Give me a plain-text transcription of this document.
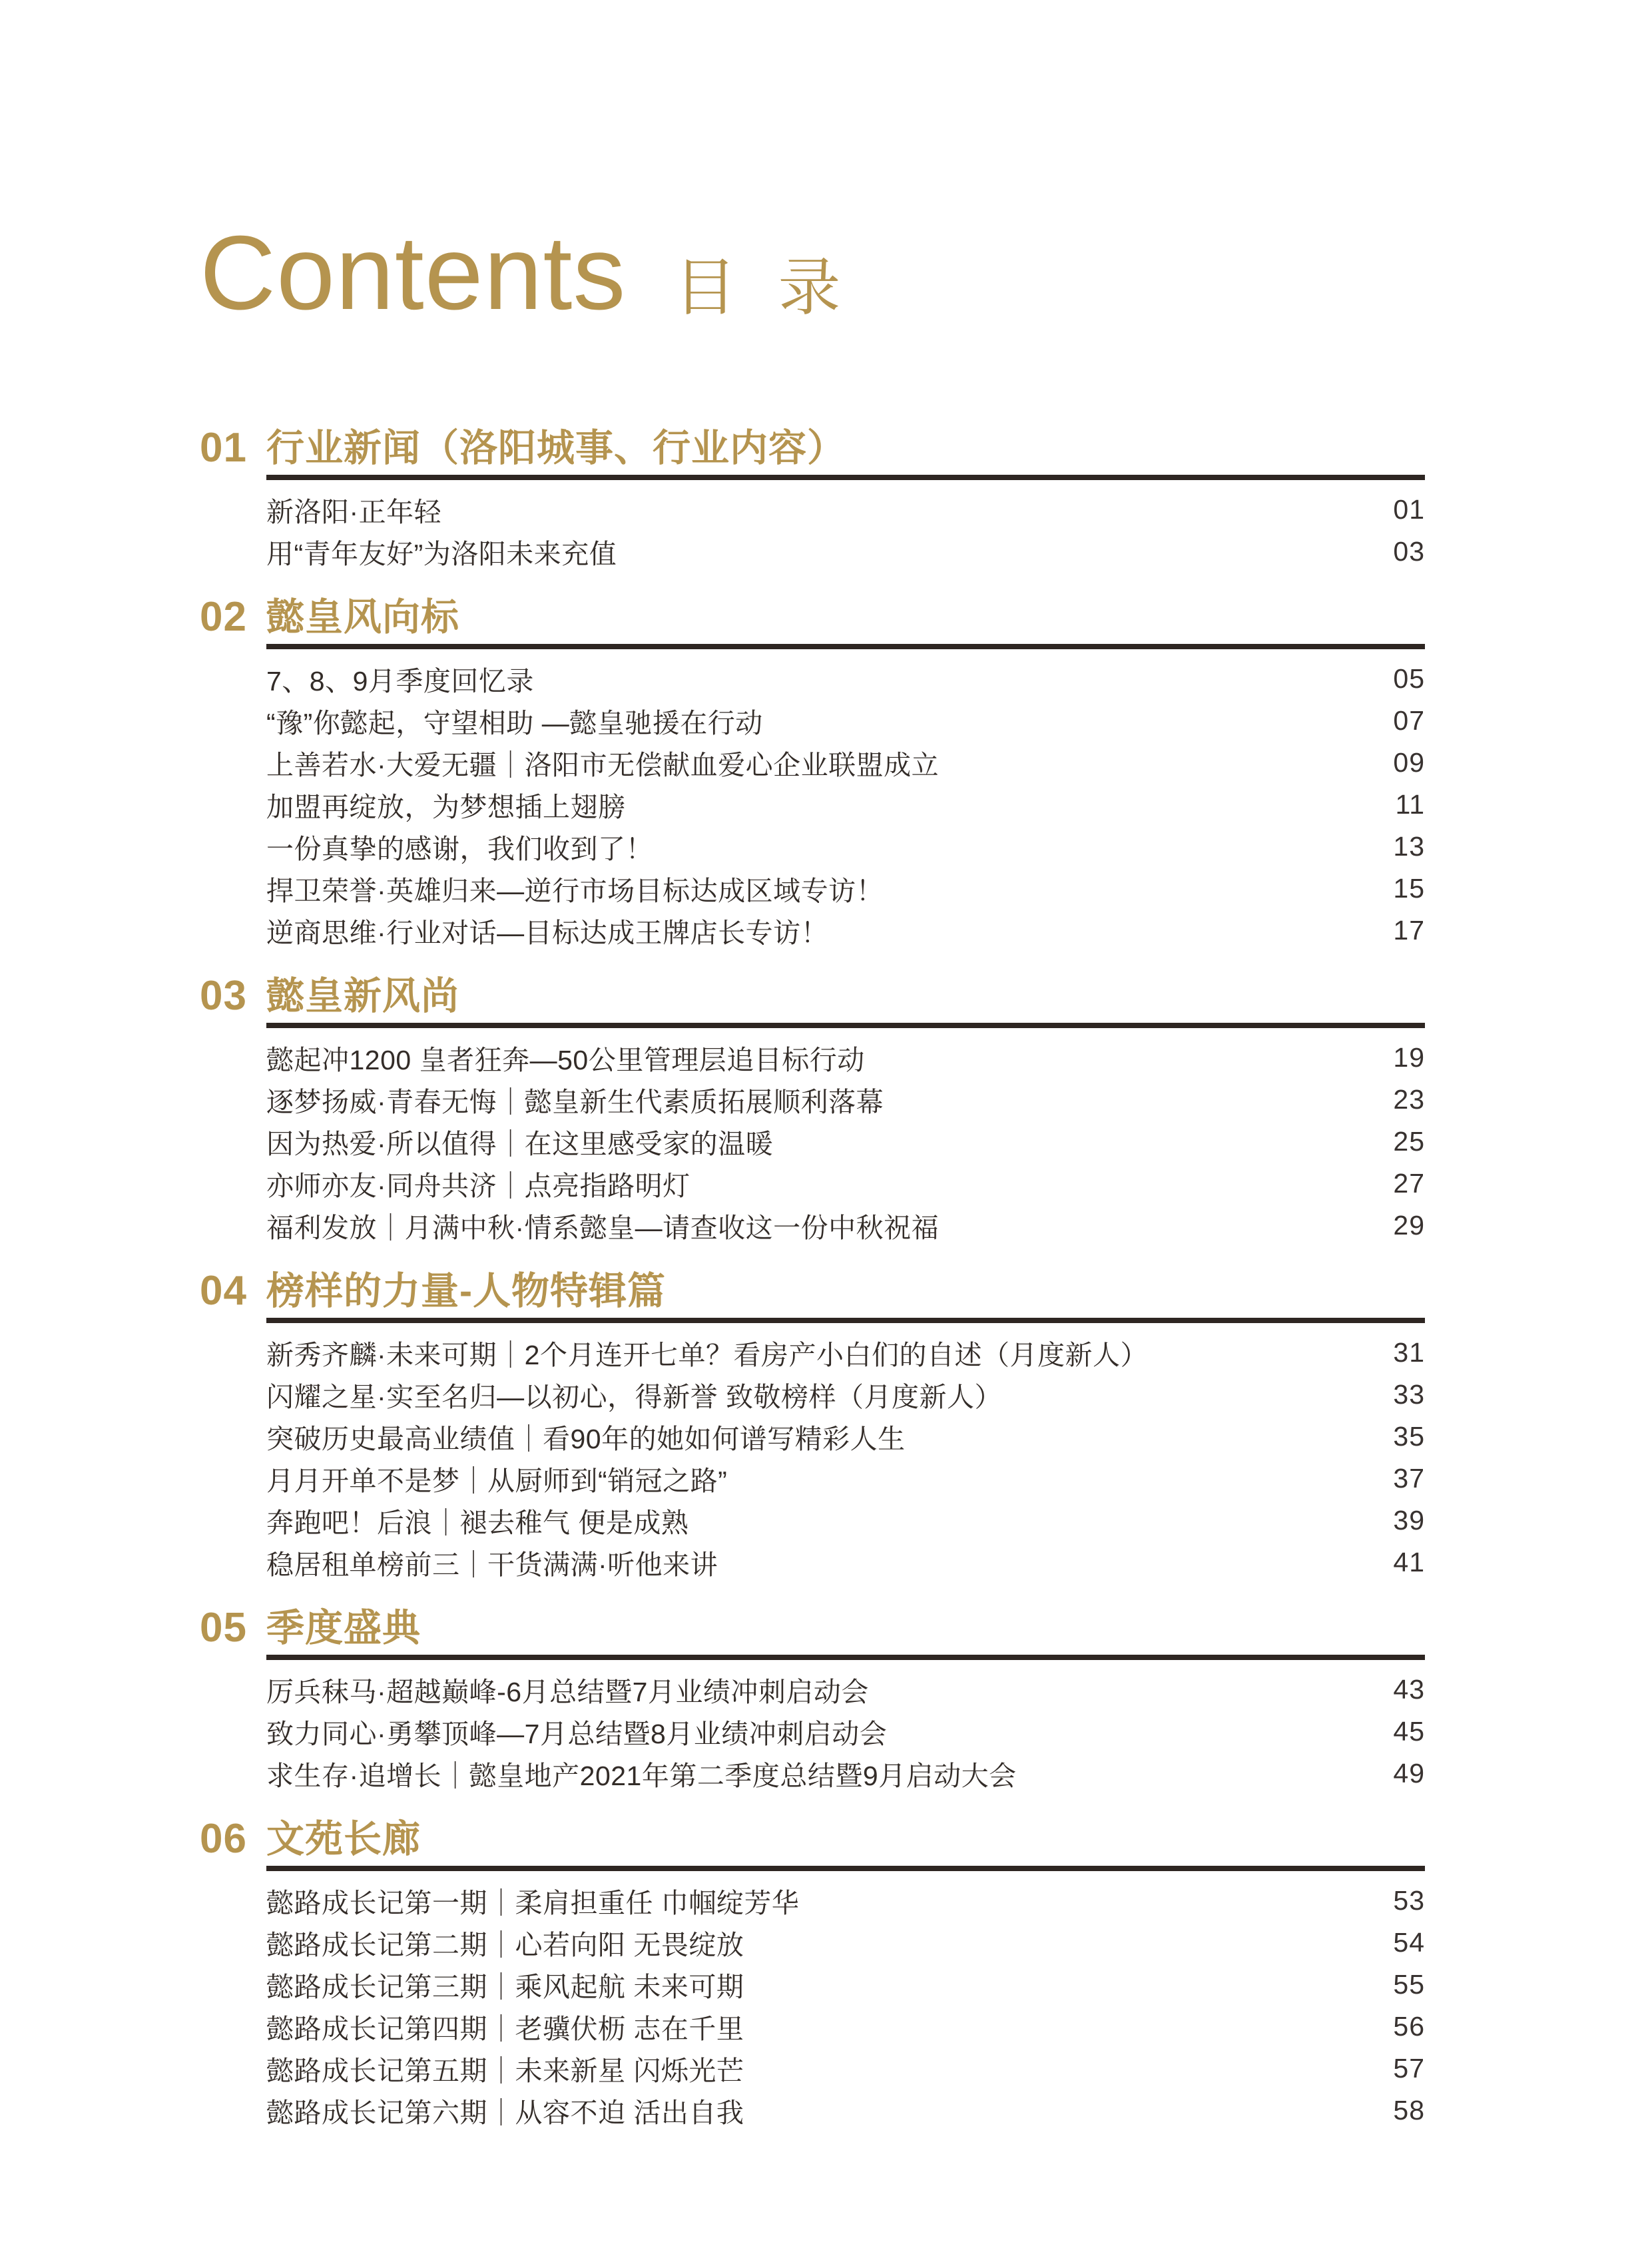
Contents 目 录
01 行业新闻（洛阳城事、行业内容）
新洛阳·正年轻	01
用“青年友好”为洛阳未来充值	03
02 懿皇风向标
7、8、9月季度回忆录	05
“豫”你懿起，守望相助 —懿皇驰援在行动	07
上善若水·大爱无疆｜洛阳市无偿献血爱心企业联盟成立	09
加盟再绽放，为梦想插上翅膀	11
一份真挚的感谢，我们收到了！	13
捍卫荣誉·英雄归来—逆行市场目标达成区域专访！	15
逆商思维·行业对话—目标达成王牌店长专访！	17
03 懿皇新风尚
懿起冲1200 皇者狂奔—50公里管理层追目标行动	19
逐梦扬威·青春无悔｜懿皇新生代素质拓展顺利落幕	23
因为热爱·所以值得｜在这里感受家的温暖	25
亦师亦友·同舟共济｜点亮指路明灯	27
福利发放｜月满中秋·情系懿皇—请查收这一份中秋祝福	29
04 榜样的力量-人物特辑篇
新秀齐麟·未来可期｜2个月连开七单？看房产小白们的自述（月度新人）	31
闪耀之星·实至名归—以初心，得新誉 致敬榜样（月度新人）	33
突破历史最高业绩值｜看90年的她如何谱写精彩人生	35
月月开单不是梦｜从厨师到“销冠之路”	37
奔跑吧！后浪｜褪去稚气 便是成熟	39
稳居租单榜前三｜干货满满·听他来讲	41
05 季度盛典
厉兵秣马·超越巅峰-6月总结暨7月业绩冲刺启动会	43
致力同心·勇攀顶峰—7月总结暨8月业绩冲刺启动会	45
求生存·追增长｜懿皇地产2021年第二季度总结暨9月启动大会	49
06 文苑长廊
懿路成长记第一期｜柔肩担重任 巾帼绽芳华	53
懿路成长记第二期｜心若向阳 无畏绽放	54
懿路成长记第三期｜乘风起航 未来可期	55
懿路成长记第四期｜老骥伏枥 志在千里	56
懿路成长记第五期｜未来新星 闪烁光芒	57
懿路成长记第六期｜从容不迫 活出自我	58
